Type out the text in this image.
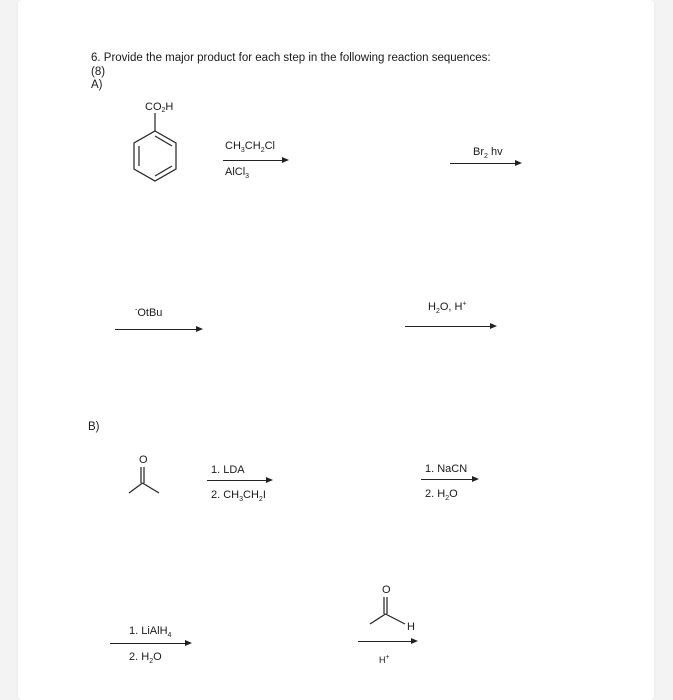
6. Provide the major product for each step in the following reaction sequences:
(8)
A)
CO2H
$CH_3CH_2Cl$
AlCl$_3$
$Br_2$ hv
-OtBu	$H_2O$, H+
B)
O
1. LDA
2. $CH_3CH_2I$
1. NaCN
2. $H_2O$
1. LiAlH$_4$
2. $H_2O$
O
H
H+
